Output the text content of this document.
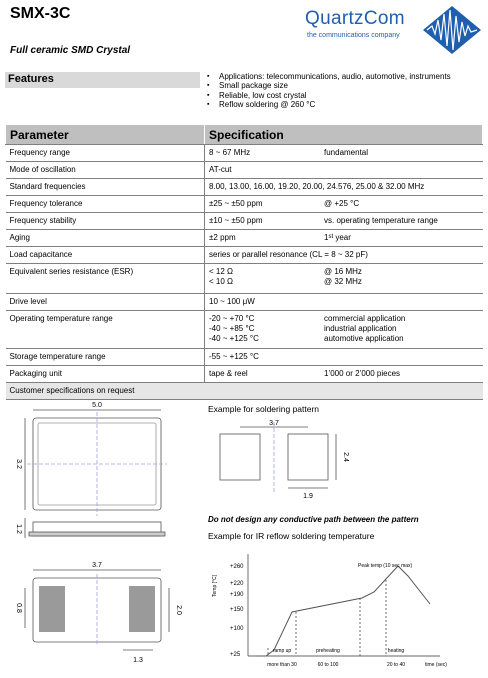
SMX-3C
Full ceramic SMD Crystal
QuartzCom
the communications company
Features	▪ Applications: telecommunications, audio, automotive, instruments
▪ Small package size
▪ Reliable, low cost crystal
▪ Reflow soldering @ 260 °C
Parameter	Specification
Frequency range	8 ~ 67 MHz fundamental
Mode of oscillation	AT-cut
Standard frequencies	8.00, 13.00, 16.00, 19.20, 20.00, 24.576, 25.00 & 32.00 MHz
Frequency tolerance	±25 ~ ±50 ppm @ +25 °C
Frequency stability	±10 ~ ±50 ppm vs. operating temperature range
Aging	±2 ppm 1st year
Load capacitance	series or parallel resonance (CL = 8 ~ 32 pF)
Equivalent series resistance (ESR)	< 12 Ω @ 16 MHz
< 10 Ω @ 32 MHz

Drive level	10 ~ 100 μW
Operating temperature range	-20 ~ +70 °C commercial application
-40 ~ +85 °C industrial application
-40 ~ +125 °C automotive application

Storage temperature range	-55 ~ +125 °C
Packaging unit	tape & reel 1’000 or 2’000 pieces
Customer specifications on request	
5.0
3.2
1.2
3.7
0.8	2.0
1.3
Example for soldering pattern
3.7
2.4
1.9
Do not design any conductive path between the pattern
Example for IR reflow soldering temperature
Temp [°C]
+260
+220
+190
+150
+100
+25
Peak temp (10 sec max)
ramp up	preheating	heating
more than 30	60 to 100	20 to 40	time (sec)
